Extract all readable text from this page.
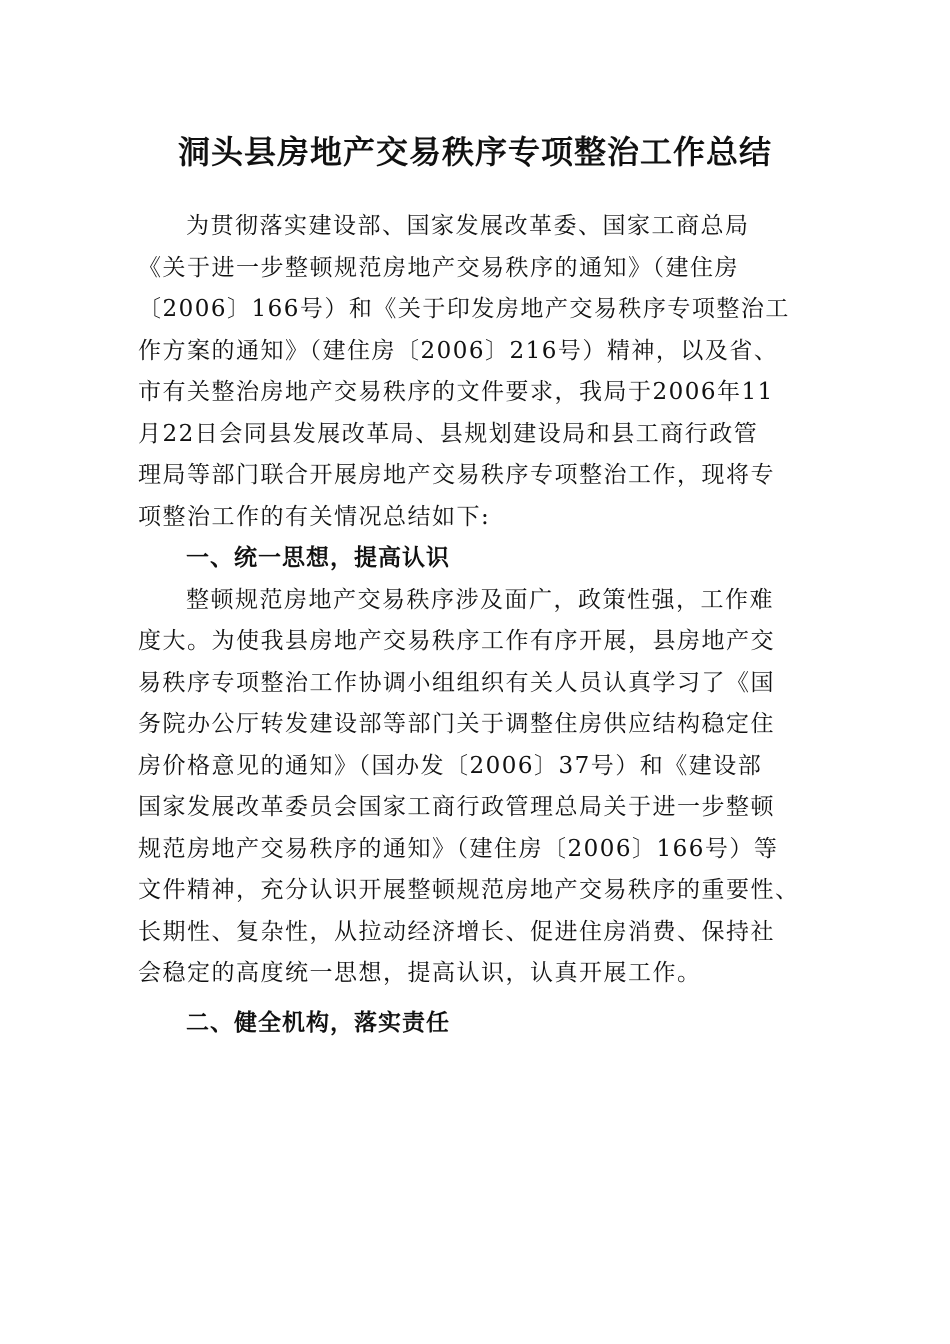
洞头县房地产交易秩序专项整治工作总结
为贯彻落实建设部、国家发展改革委、国家工商总局
《关于进一步整顿规范房地产交易秩序的通知》（建住房
〔2006〕166号）和《关于印发房地产交易秩序专项整治工
作方案的通知》（建住房〔2006〕216号）精神，以及省、
市有关整治房地产交易秩序的文件要求，我局于2006年11
月22日会同县发展改革局、县规划建设局和县工商行政管
理局等部门联合开展房地产交易秩序专项整治工作，现将专
项整治工作的有关情况总结如下:
一、统一思想，提高认识
整顿规范房地产交易秩序涉及面广，政策性强，工作难
度大。为使我县房地产交易秩序工作有序开展，县房地产交
易秩序专项整治工作协调小组组织有关人员认真学习了《国
务院办公厅转发建设部等部门关于调整住房供应结构稳定住
房价格意见的通知》（国办发〔2006〕37号）和《建设部
国家发展改革委员会国家工商行政管理总局关于进一步整顿
规范房地产交易秩序的通知》（建住房〔2006〕166号）等
文件精神，充分认识开展整顿规范房地产交易秩序的重要性、
长期性、复杂性，从拉动经济增长、促进住房消费、保持社
会稳定的高度统一思想，提高认识，认真开展工作。
二、健全机构，落实责任
